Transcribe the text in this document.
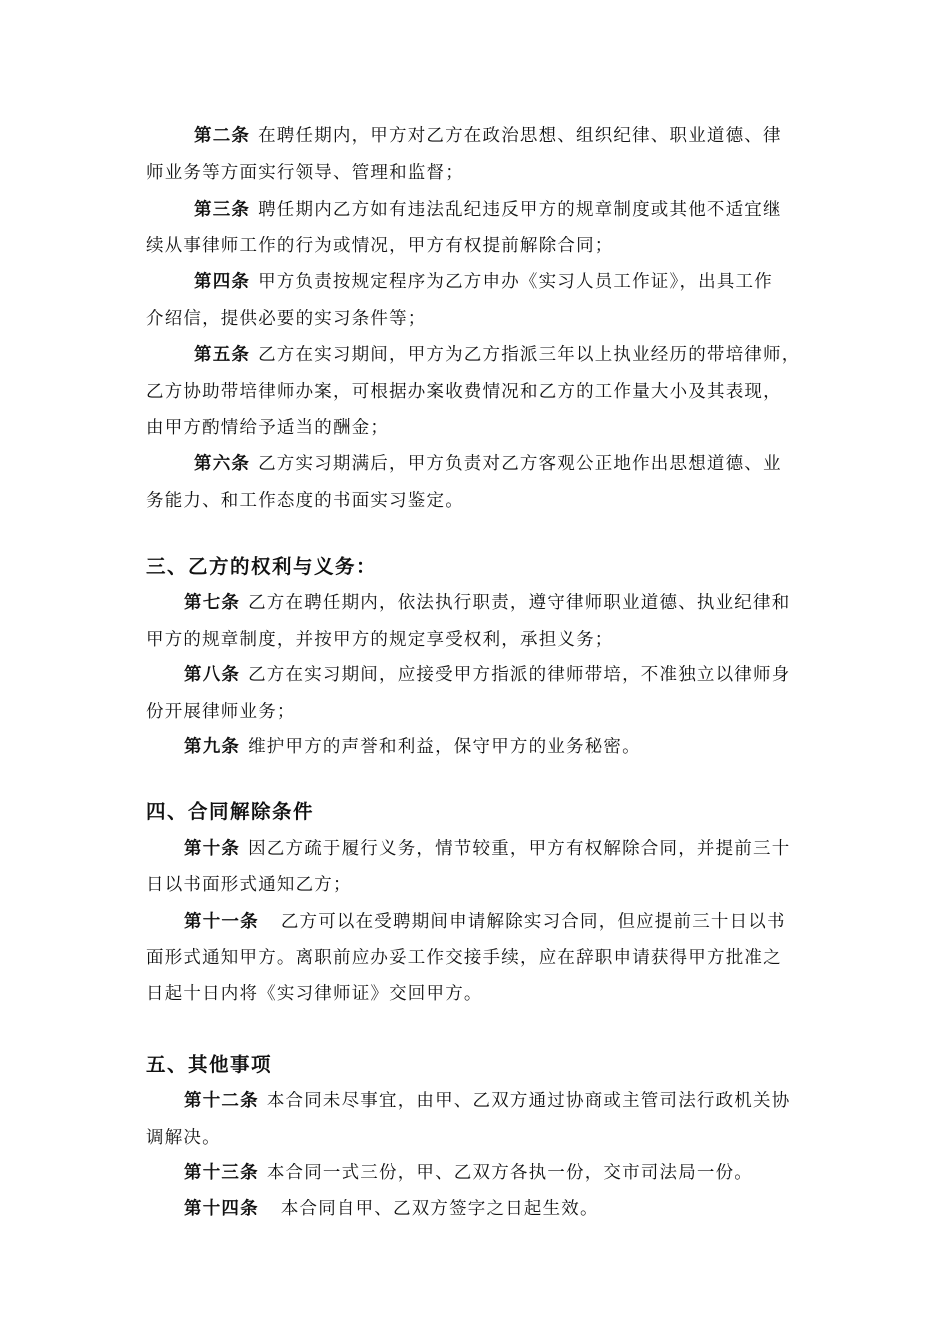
第二条 在聘任期内，甲方对乙方在政治思想、组织纪律、职业道德、律
师业务等方面实行领导、管理和监督；
第三条 聘任期内乙方如有违法乱纪违反甲方的规章制度或其他不适宜继
续从事律师工作的行为或情况，甲方有权提前解除合同；
第四条 甲方负责按规定程序为乙方申办《实习人员工作证》，出具工作
介绍信，提供必要的实习条件等；
第五条 乙方在实习期间，甲方为乙方指派三年以上执业经历的带培律师，
乙方协助带培律师办案，可根据办案收费情况和乙方的工作量大小及其表现，
由甲方酌情给予适当的酬金；
第六条 乙方实习期满后，甲方负责对乙方客观公正地作出思想道德、业
务能力、和工作态度的书面实习鉴定。
三、乙方的权利与义务：
第七条 乙方在聘任期内，依法执行职责，遵守律师职业道德、执业纪律和
甲方的规章制度，并按甲方的规定享受权利，承担义务；
第八条 乙方在实习期间，应接受甲方指派的律师带培，不准独立以律师身
份开展律师业务；
第九条 维护甲方的声誉和利益，保守甲方的业务秘密。
四、合同解除条件
第十条 因乙方疏于履行义务，情节较重，甲方有权解除合同，并提前三十
日以书面形式通知乙方；
第十一条 乙方可以在受聘期间申请解除实习合同，但应提前三十日以书
面形式通知甲方。离职前应办妥工作交接手续，应在辞职申请获得甲方批准之
日起十日内将《实习律师证》交回甲方。
五、其他事项
第十二条 本合同未尽事宜，由甲、乙双方通过协商或主管司法行政机关协
调解决。
第十三条 本合同一式三份，甲、乙双方各执一份，交市司法局一份。
第十四条 本合同自甲、乙双方签字之日起生效。
